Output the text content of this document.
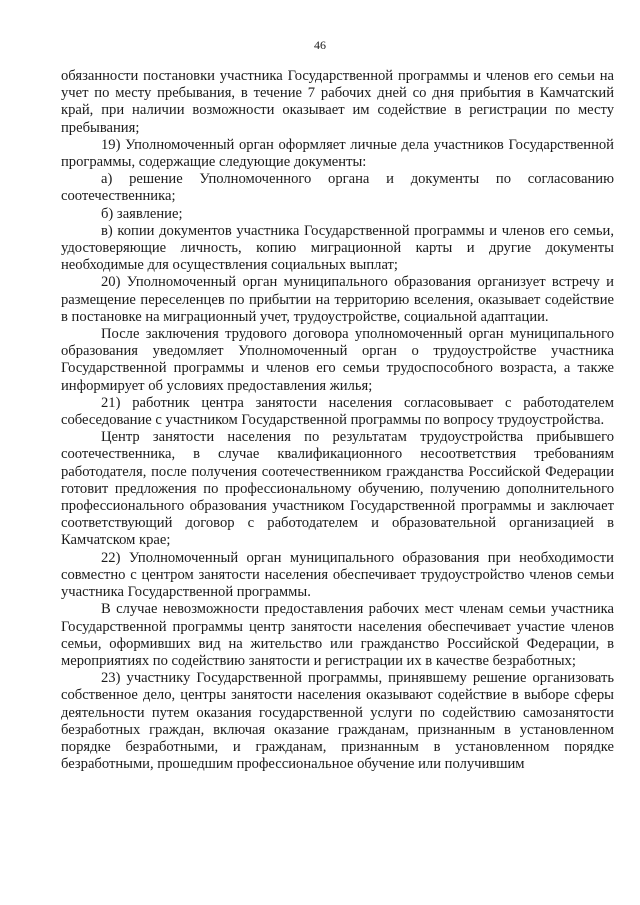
46

обязанности постановки участника Государственной программы и членов его семьи на учет по месту пребывания, в течение 7 рабочих дней со дня прибытия в Камчатский край, при наличии возможности оказывает им содействие в регистрации по месту пребывания;

19) Уполномоченный орган оформляет личные дела участников Государственной программы, содержащие следующие документы:

а) решение Уполномоченного органа и документы по согласованию соотечественника;

б) заявление;

в) копии документов участника Государственной программы и членов его семьи, удостоверяющие личность, копию миграционной карты и другие документы необходимые для осуществления социальных выплат;

20) Уполномоченный орган муниципального образования организует встречу и размещение переселенцев по прибытии на территорию вселения, оказывает содействие в постановке на миграционный учет, трудоустройстве, социальной адаптации.

После заключения трудового договора уполномоченный орган муниципального образования уведомляет Уполномоченный орган о трудоустройстве участника Государственной программы и членов его семьи трудоспособного возраста, а также информирует об условиях предоставления жилья;

21) работник центра занятости населения согласовывает с работодателем собеседование с участником Государственной программы по вопросу трудоустройства.

Центр занятости населения по результатам трудоустройства прибывшего соотечественника, в случае квалификационного несоответствия требованиям работодателя, после получения соотечественником гражданства Российской Федерации готовит предложения по профессиональному обучению, получению дополнительного профессионального образования участником Государственной программы и заключает соответствующий договор с работодателем и образовательной организацией в Камчатском крае;

22) Уполномоченный орган муниципального образования при необходимости совместно с центром занятости населения обеспечивает трудоустройство членов семьи участника Государственной программы.

В случае невозможности предоставления рабочих мест членам семьи участника Государственной программы центр занятости населения обеспечивает участие членов семьи, оформивших вид на жительство или гражданство Российской Федерации, в мероприятиях по содействию занятости и регистрации их в качестве безработных;

23) участнику Государственной программы, принявшему решение организовать собственное дело, центры занятости населения оказывают содействие в выборе сферы деятельности путем оказания государственной услуги по содействию самозанятости безработных граждан, включая оказание гражданам, признанным в установленном порядке безработными, и гражданам, признанным в установленном порядке безработными, прошедшим профессиональное обучение или получившим
